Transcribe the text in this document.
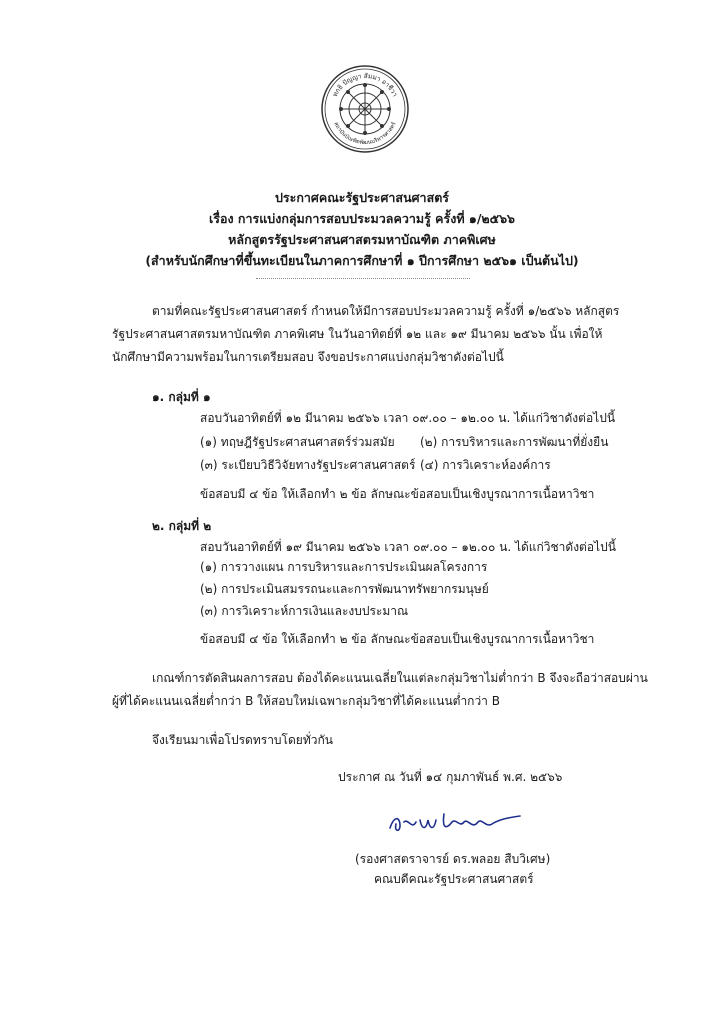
ทกธิ ปัญญา สัมมา อาชีวา
สถาบันบัณฑิตพัฒนบริหารศาสตร์
ประกาศคณะรัฐประศาสนศาสตร์
เรื่อง การแบ่งกลุ่มการสอบประมวลความรู้ ครั้งที่ ๑/๒๕๖๖
หลักสูตรรัฐประศาสนศาสตรมหาบัณฑิต ภาคพิเศษ
(สำหรับนักศึกษาที่ขึ้นทะเบียนในภาคการศึกษาที่ ๑ ปีการศึกษา ๒๕๖๑ เป็นต้นไป)
ตามที่คณะรัฐประศาสนศาสตร์ กำหนดให้มีการสอบประมวลความรู้ ครั้งที่ ๑/๒๕๖๖ หลักสูตร
รัฐประศาสนศาสตรมหาบัณฑิต ภาคพิเศษ ในวันอาทิตย์ที่ ๑๒ และ ๑๙ มีนาคม ๒๕๖๖ นั้น เพื่อให้
นักศึกษามีความพร้อมในการเตรียมสอบ จึงขอประกาศแบ่งกลุ่มวิชาดังต่อไปนี้
๑. กลุ่มที่ ๑
สอบวันอาทิตย์ที่ ๑๒ มีนาคม ๒๕๖๖ เวลา ๐๙.๐๐ – ๑๒.๐๐ น. ได้แก่วิชาดังต่อไปนี้
(๑) ทฤษฎีรัฐประศาสนศาสตร์ร่วมสมัย (๒) การบริหารและการพัฒนาที่ยั่งยืน
(๓) ระเบียบวิธีวิจัยทางรัฐประศาสนศาสตร์ (๔) การวิเคราะห์องค์การ
ข้อสอบมี ๔ ข้อ ให้เลือกทำ ๒ ข้อ ลักษณะข้อสอบเป็นเชิงบูรณาการเนื้อหาวิชา
๒. กลุ่มที่ ๒
สอบวันอาทิตย์ที่ ๑๙ มีนาคม ๒๕๖๖ เวลา ๐๙.๐๐ – ๑๒.๐๐ น. ได้แก่วิชาดังต่อไปนี้
(๑) การวางแผน การบริหารและการประเมินผลโครงการ
(๒) การประเมินสมรรถนะและการพัฒนาทรัพยากรมนุษย์
(๓) การวิเคราะห์การเงินและงบประมาณ
ข้อสอบมี ๔ ข้อ ให้เลือกทำ ๒ ข้อ ลักษณะข้อสอบเป็นเชิงบูรณาการเนื้อหาวิชา
เกณฑ์การตัดสินผลการสอบ ต้องได้คะแนนเฉลี่ยในแต่ละกลุ่มวิชาไม่ต่ำกว่า B จึงจะถือว่าสอบผ่าน
ผู้ที่ได้คะแนนเฉลี่ยต่ำกว่า B ให้สอบใหม่เฉพาะกลุ่มวิชาที่ได้คะแนนต่ำกว่า B
จึงเรียนมาเพื่อโปรดทราบโดยทั่วกัน
ประกาศ ณ วันที่ ๑๔ กุมภาพันธ์ พ.ศ. ๒๕๖๖
(รองศาสตราจารย์ ดร.พลอย สืบวิเศษ)
คณบดีคณะรัฐประศาสนศาสตร์
